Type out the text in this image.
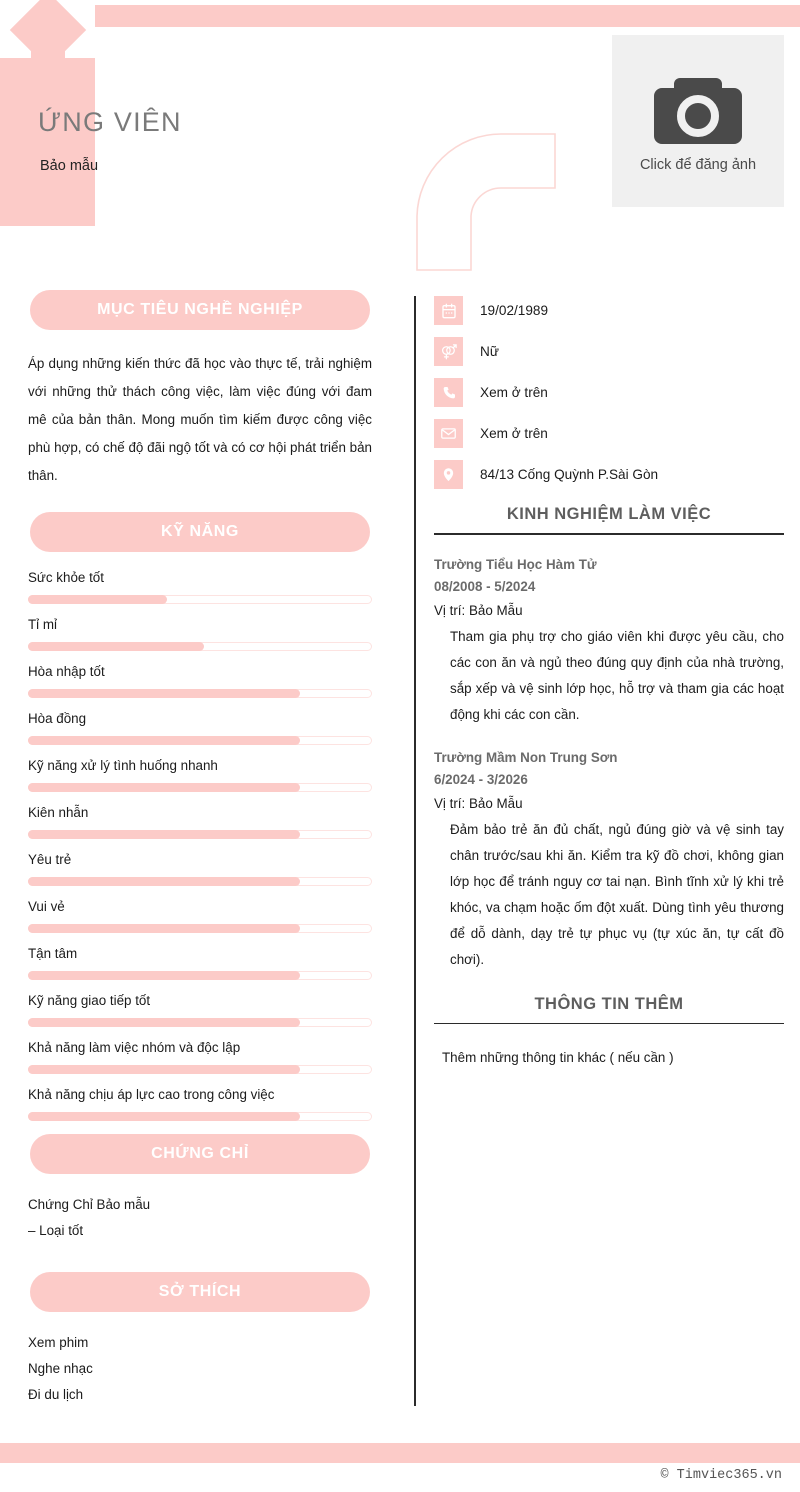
ỨNG VIÊN
Bảo mẫu	Click để đăng ảnh
MỤC TIÊU NGHỀ NGHIỆP
Áp dụng những kiến thức đã học vào thực tế, trải nghiệm với những thử thách công việc, làm việc đúng với đam mê của bản thân. Mong muốn tìm kiếm được công việc phù hợp, có chế độ đãi ngộ tốt và có cơ hội phát triển bản thân.
KỸ NĂNG
Sức khỏe tốt
Tỉ mỉ
Hòa nhập tốt
Hòa đồng
Kỹ năng xử lý tình huống nhanh
Kiên nhẫn
Yêu trẻ
Vui vẻ
Tận tâm
Kỹ năng giao tiếp tốt
Khả năng làm việc nhóm và độc lập
Khả năng chịu áp lực cao trong công việc
CHỨNG CHỈ
Chứng Chỉ Bảo mẫu
– Loại tốt
SỞ THÍCH
Xem phim
Nghe nhạc
Đi du lịch
19/02/1989
Nữ
Xem ở trên
Xem ở trên
84/13 Cống Quỳnh P.Sài Gòn
KINH NGHIỆM LÀM VIỆC
Trường Tiểu Học Hàm Tử
08/2008 - 5/2024
Vị trí: Bảo Mẫu
Tham gia phụ trợ cho giáo viên khi được yêu cầu, cho các con ăn và ngủ theo đúng quy định của nhà trường, sắp xếp và vệ sinh lớp học, hỗ trợ và tham gia các hoạt động khi các con cần.
Trường Mầm Non Trung Sơn
6/2024 - 3/2026
Vị trí: Bảo Mẫu
Đảm bảo trẻ ăn đủ chất, ngủ đúng giờ và vệ sinh tay chân trước/sau khi ăn. Kiểm tra kỹ đồ chơi, không gian lớp học để tránh nguy cơ tai nạn. Bình tĩnh xử lý khi trẻ khóc, va chạm hoặc ốm đột xuất. Dùng tình yêu thương để dỗ dành, dạy trẻ tự phục vụ (tự xúc ăn, tự cất đồ chơi).
THÔNG TIN THÊM
Thêm những thông tin khác ( nếu cần )
© Timviec365.vn
